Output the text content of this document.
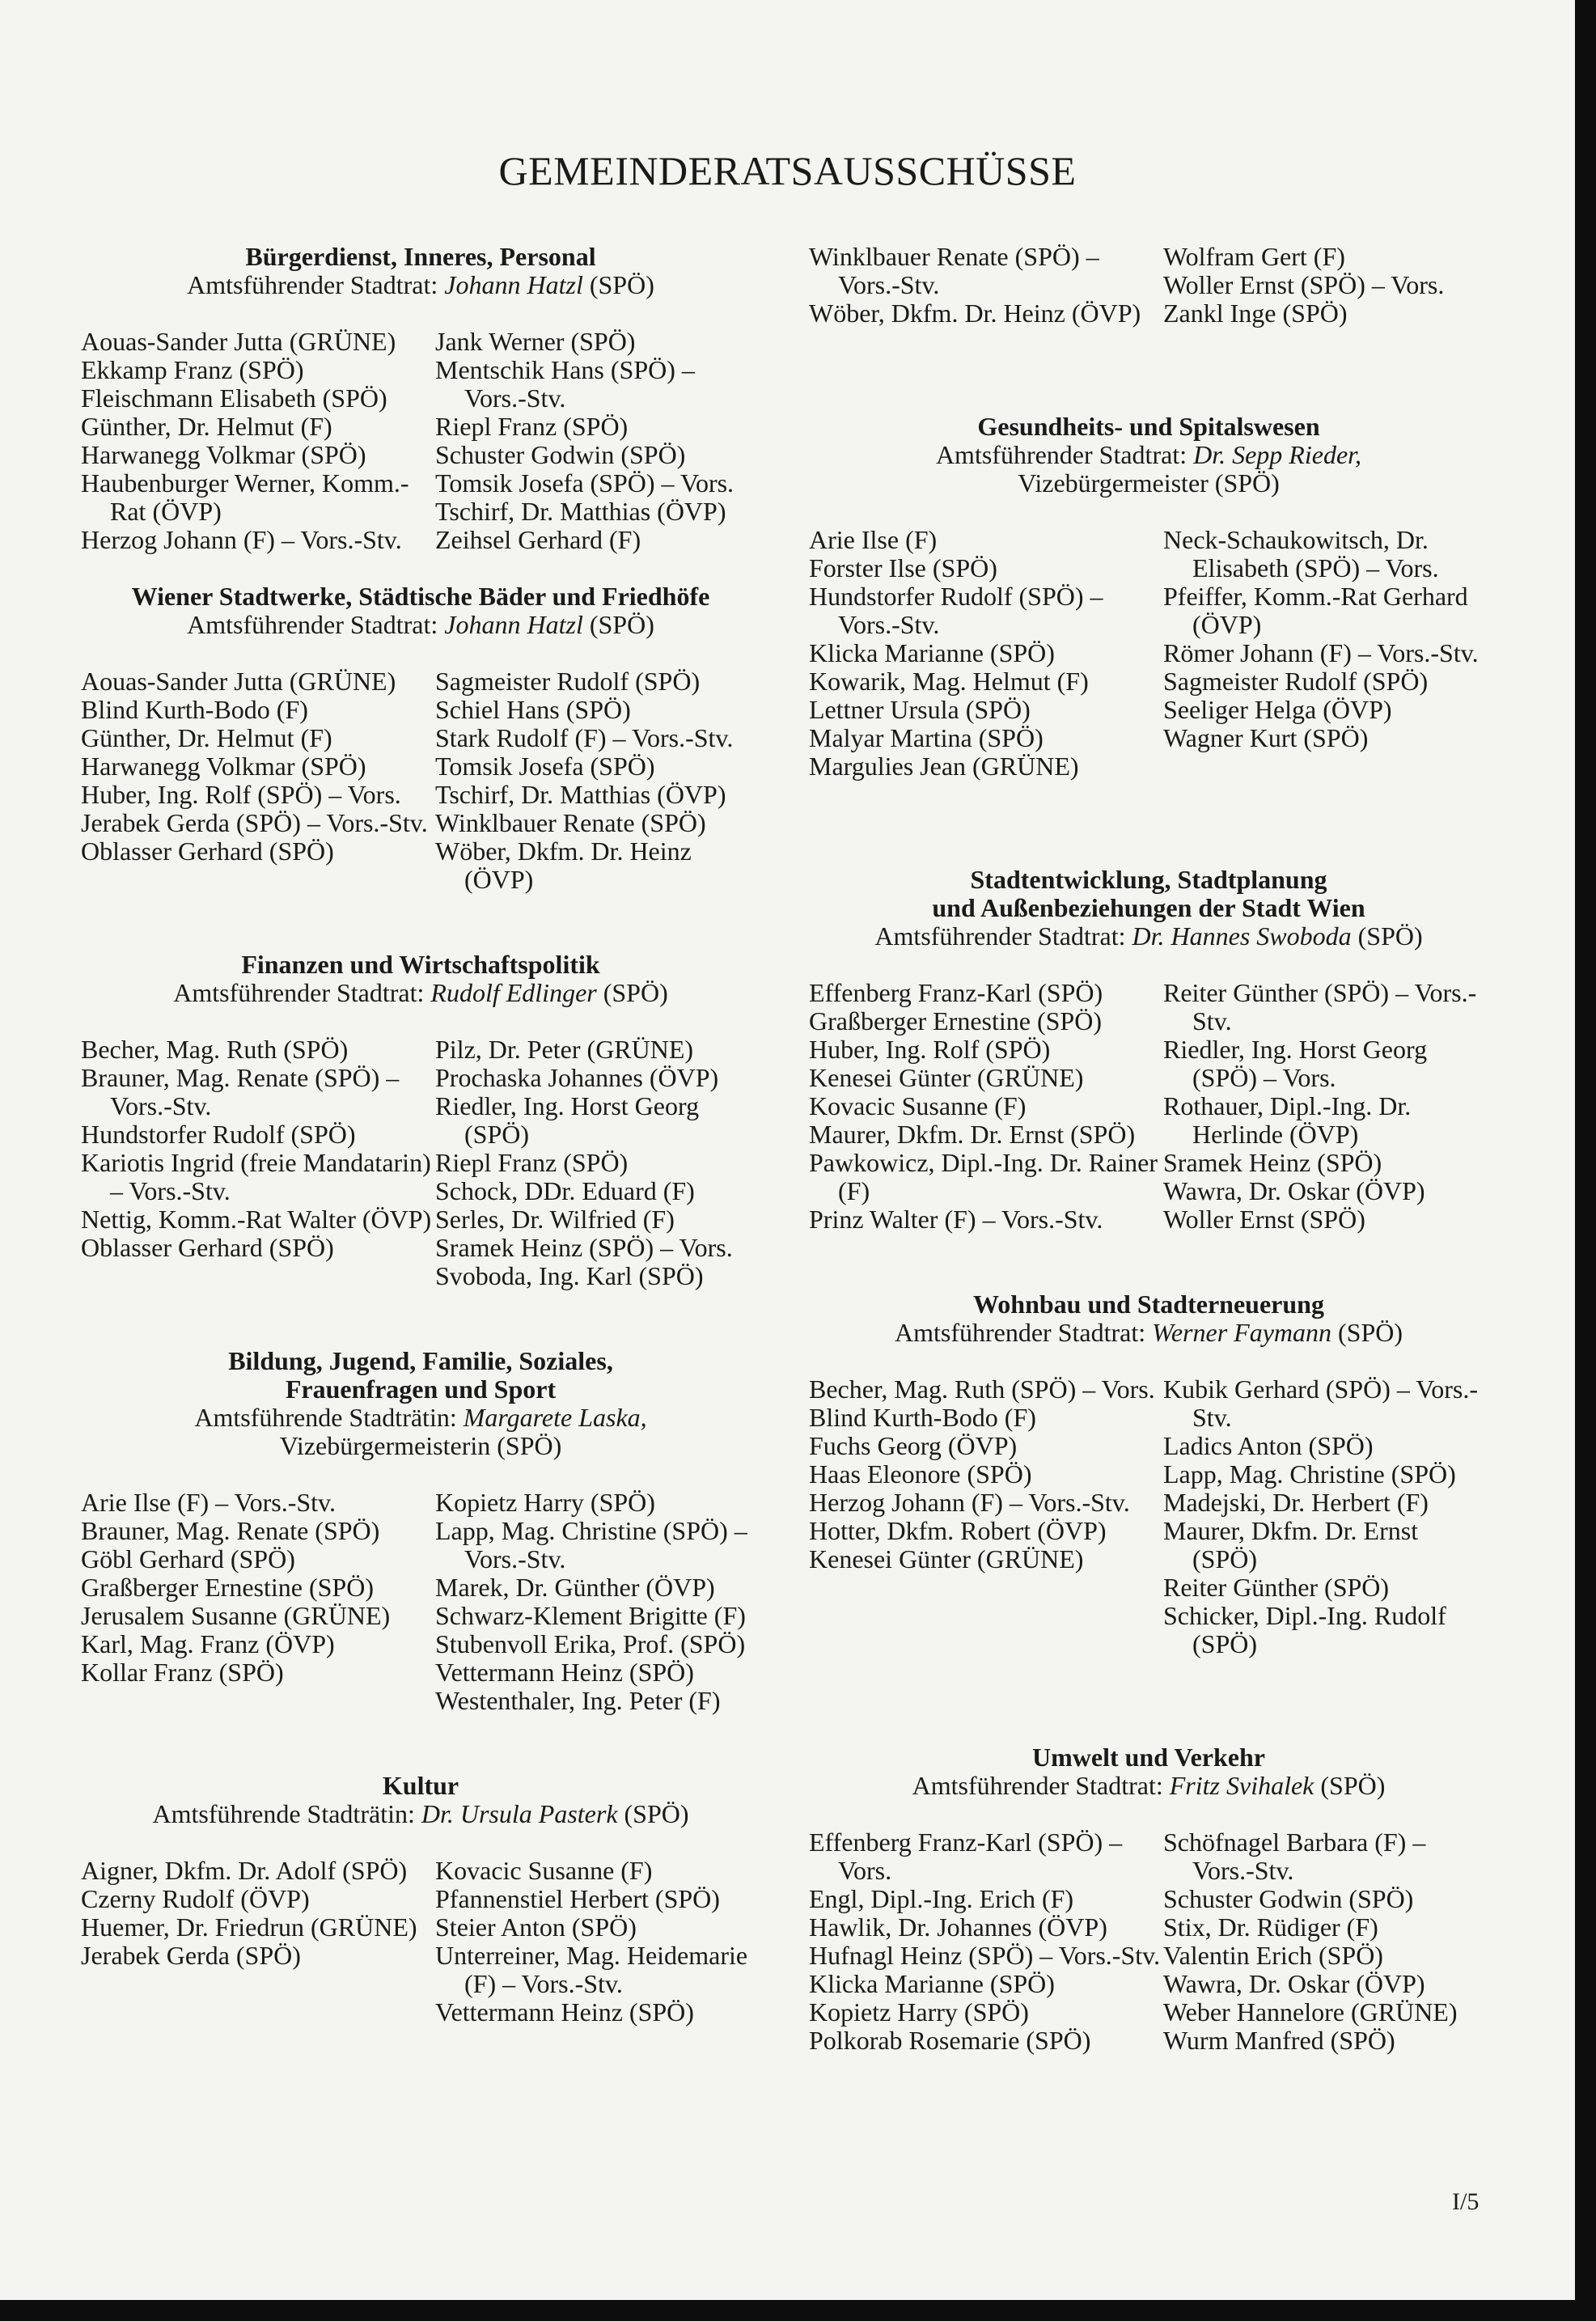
GEMEINDERATSAUSSCHÜSSE
Bürgerdienst, Inneres, Personal
Amtsführender Stadtrat: Johann Hatzl (SPÖ)
Aouas-Sander Jutta (GRÜNE)
Ekkamp Franz (SPÖ)
Fleischmann Elisabeth (SPÖ)
Günther, Dr. Helmut (F)
Harwanegg Volkmar (SPÖ)
Haubenburger Werner, Komm.-Rat (ÖVP)
Herzog Johann (F) – Vors.-Stv.
Jank Werner (SPÖ)
Mentschik Hans (SPÖ) – Vors.-Stv.
Riepl Franz (SPÖ)
Schuster Godwin (SPÖ)
Tomsik Josefa (SPÖ) – Vors.
Tschirf, Dr. Matthias (ÖVP)
Zeihsel Gerhard (F)
Wiener Stadtwerke, Städtische Bäder und Friedhöfe
Amtsführender Stadtrat: Johann Hatzl (SPÖ)
Aouas-Sander Jutta (GRÜNE)
Blind Kurth-Bodo (F)
Günther, Dr. Helmut (F)
Harwanegg Volkmar (SPÖ)
Huber, Ing. Rolf (SPÖ) – Vors.
Jerabek Gerda (SPÖ) – Vors.-Stv.
Oblasser Gerhard (SPÖ)
Sagmeister Rudolf (SPÖ)
Schiel Hans (SPÖ)
Stark Rudolf (F) – Vors.-Stv.
Tomsik Josefa (SPÖ)
Tschirf, Dr. Matthias (ÖVP)
Winklbauer Renate (SPÖ)
Wöber, Dkfm. Dr. Heinz (ÖVP)
Finanzen und Wirtschaftspolitik
Amtsführender Stadtrat: Rudolf Edlinger (SPÖ)
Becher, Mag. Ruth (SPÖ)
Brauner, Mag. Renate (SPÖ) – Vors.-Stv.
Hundstorfer Rudolf (SPÖ)
Kariotis Ingrid (freie Mandatarin) – Vors.-Stv.
Nettig, Komm.-Rat Walter (ÖVP)
Oblasser Gerhard (SPÖ)
Pilz, Dr. Peter (GRÜNE)
Prochaska Johannes (ÖVP)
Riedler, Ing. Horst Georg (SPÖ)
Riepl Franz (SPÖ)
Schock, DDr. Eduard (F)
Serles, Dr. Wilfried (F)
Sramek Heinz (SPÖ) – Vors.
Svoboda, Ing. Karl (SPÖ)
Bildung, Jugend, Familie, Soziales,
Frauenfragen und Sport
Amtsführende Stadträtin: Margarete Laska,
Vizebürgermeisterin (SPÖ)
Arie Ilse (F) – Vors.-Stv.
Brauner, Mag. Renate (SPÖ)
Göbl Gerhard (SPÖ)
Graßberger Ernestine (SPÖ)
Jerusalem Susanne (GRÜNE)
Karl, Mag. Franz (ÖVP)
Kollar Franz (SPÖ)
Kopietz Harry (SPÖ)
Lapp, Mag. Christine (SPÖ) – Vors.-Stv.
Marek, Dr. Günther (ÖVP)
Schwarz-Klement Brigitte (F)
Stubenvoll Erika, Prof. (SPÖ)
Vettermann Heinz (SPÖ)
Westenthaler, Ing. Peter (F)
Kultur
Amtsführende Stadträtin: Dr. Ursula Pasterk (SPÖ)
Aigner, Dkfm. Dr. Adolf (SPÖ)
Czerny Rudolf (ÖVP)
Huemer, Dr. Friedrun (GRÜNE)
Jerabek Gerda (SPÖ)
Kovacic Susanne (F)
Pfannenstiel Herbert (SPÖ)
Steier Anton (SPÖ)
Unterreiner, Mag. Heidemarie (F) – Vors.-Stv.
Vettermann Heinz (SPÖ)
Winklbauer Renate (SPÖ) – Vors.-Stv.
Wöber, Dkfm. Dr. Heinz (ÖVP)
Wolfram Gert (F)
Woller Ernst (SPÖ) – Vors.
Zankl Inge (SPÖ)
Gesundheits- und Spitalswesen
Amtsführender Stadtrat: Dr. Sepp Rieder,
Vizebürgermeister (SPÖ)
Arie Ilse (F)
Forster Ilse (SPÖ)
Hundstorfer Rudolf (SPÖ) – Vors.-Stv.
Klicka Marianne (SPÖ)
Kowarik, Mag. Helmut (F)
Lettner Ursula (SPÖ)
Malyar Martina (SPÖ)
Margulies Jean (GRÜNE)
Neck-Schaukowitsch, Dr. Elisabeth (SPÖ) – Vors.
Pfeiffer, Komm.-Rat Gerhard (ÖVP)
Römer Johann (F) – Vors.-Stv.
Sagmeister Rudolf (SPÖ)
Seeliger Helga (ÖVP)
Wagner Kurt (SPÖ)
Stadtentwicklung, Stadtplanung
und Außenbeziehungen der Stadt Wien
Amtsführender Stadtrat: Dr. Hannes Swoboda (SPÖ)
Effenberg Franz-Karl (SPÖ)
Graßberger Ernestine (SPÖ)
Huber, Ing. Rolf (SPÖ)
Kenesei Günter (GRÜNE)
Kovacic Susanne (F)
Maurer, Dkfm. Dr. Ernst (SPÖ)
Pawkowicz, Dipl.-Ing. Dr. Rainer (F)
Prinz Walter (F) – Vors.-Stv.
Reiter Günther (SPÖ) – Vors.-Stv.
Riedler, Ing. Horst Georg (SPÖ) – Vors.
Rothauer, Dipl.-Ing. Dr. Herlinde (ÖVP)
Sramek Heinz (SPÖ)
Wawra, Dr. Oskar (ÖVP)
Woller Ernst (SPÖ)
Wohnbau und Stadterneuerung
Amtsführender Stadtrat: Werner Faymann (SPÖ)
Becher, Mag. Ruth (SPÖ) – Vors.
Blind Kurth-Bodo (F)
Fuchs Georg (ÖVP)
Haas Eleonore (SPÖ)
Herzog Johann (F) – Vors.-Stv.
Hotter, Dkfm. Robert (ÖVP)
Kenesei Günter (GRÜNE)
Kubik Gerhard (SPÖ) – Vors.-Stv.
Ladics Anton (SPÖ)
Lapp, Mag. Christine (SPÖ)
Madejski, Dr. Herbert (F)
Maurer, Dkfm. Dr. Ernst (SPÖ)
Reiter Günther (SPÖ)
Schicker, Dipl.-Ing. Rudolf (SPÖ)
Umwelt und Verkehr
Amtsführender Stadtrat: Fritz Svihalek (SPÖ)
Effenberg Franz-Karl (SPÖ) – Vors.
Engl, Dipl.-Ing. Erich (F)
Hawlik, Dr. Johannes (ÖVP)
Hufnagl Heinz (SPÖ) – Vors.-Stv.
Klicka Marianne (SPÖ)
Kopietz Harry (SPÖ)
Polkorab Rosemarie (SPÖ)
Schöfnagel Barbara (F) – Vors.-Stv.
Schuster Godwin (SPÖ)
Stix, Dr. Rüdiger (F)
Valentin Erich (SPÖ)
Wawra, Dr. Oskar (ÖVP)
Weber Hannelore (GRÜNE)
Wurm Manfred (SPÖ)
I/5
